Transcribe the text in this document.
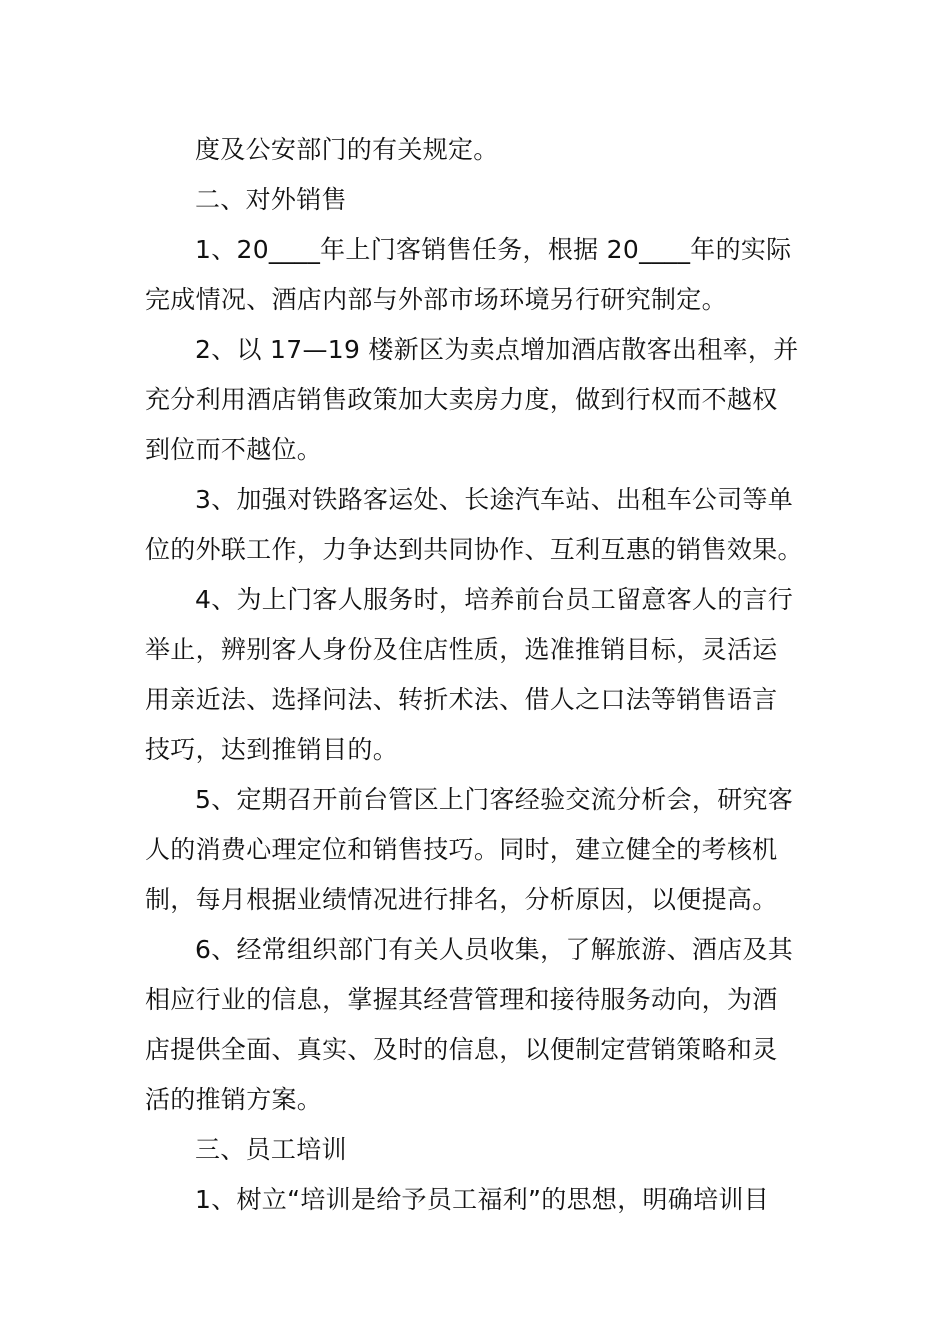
度及公安部门的有关规定。
二、对外销售
1、20____年上门客销售任务，根据 20____年的实际
完成情况、酒店内部与外部市场环境另行研究制定。
2、以 17—19 楼新区为卖点增加酒店散客出租率，并
充分利用酒店销售政策加大卖房力度，做到行权而不越权
到位而不越位。
3、加强对铁路客运处、长途汽车站、出租车公司等单
位的外联工作，力争达到共同协作、互利互惠的销售效果。
4、为上门客人服务时，培养前台员工留意客人的言行
举止，辨别客人身份及住店性质，选准推销目标，灵活运
用亲近法、选择问法、转折术法、借人之口法等销售语言
技巧，达到推销目的。
5、定期召开前台管区上门客经验交流分析会，研究客
人的消费心理定位和销售技巧。同时，建立健全的考核机
制，每月根据业绩情况进行排名，分析原因，以便提高。
6、经常组织部门有关人员收集，了解旅游、酒店及其
相应行业的信息，掌握其经营管理和接待服务动向，为酒
店提供全面、真实、及时的信息，以便制定营销策略和灵
活的推销方案。
三、员工培训
1、树立“培训是给予员工福利”的思想，明确培训目
